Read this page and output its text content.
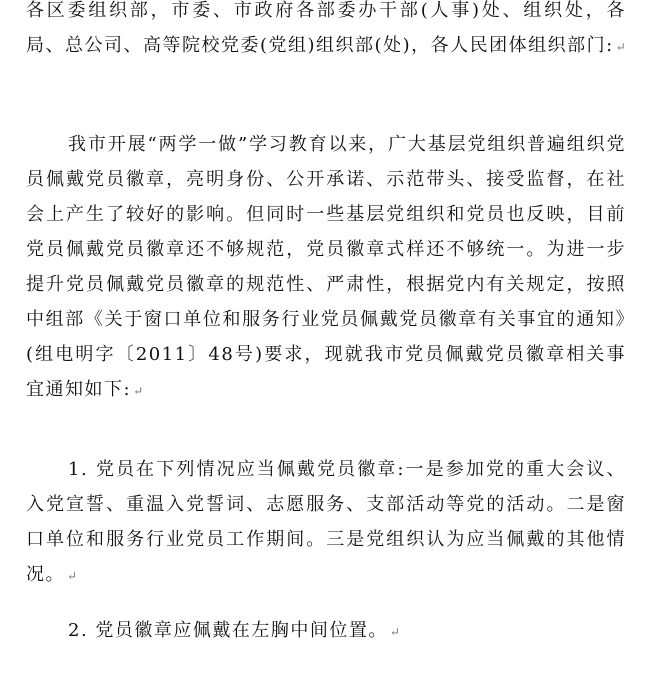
各区委组织部，市委、市政府各部委办干部(人事)处、组织处，各局、总公司、高等院校党委(党组)组织部(处)，各人民团体组织部门: ↵

我市开展“两学一做”学习教育以来，广大基层党组织普遍组织党员佩戴党员徽章，亮明身份、公开承诺、示范带头、接受监督，在社会上产生了较好的影响。但同时一些基层党组织和党员也反映，目前党员佩戴党员徽章还不够规范，党员徽章式样还不够统一。为进一步提升党员佩戴党员徽章的规范性、严肃性，根据党内有关规定，按照中组部《关于窗口单位和服务行业党员佩戴党员徽章有关事宜的通知》(组电明字〔2011〕48号)要求，现就我市党员佩戴党员徽章相关事宜通知如下: ↵

1. 党员在下列情况应当佩戴党员徽章:一是参加党的重大会议、入党宣誓、重温入党誓词、志愿服务、支部活动等党的活动。二是窗口单位和服务行业党员工作期间。三是党组织认为应当佩戴的其他情况。 ↵

2. 党员徽章应佩戴在左胸中间位置。 ↵
